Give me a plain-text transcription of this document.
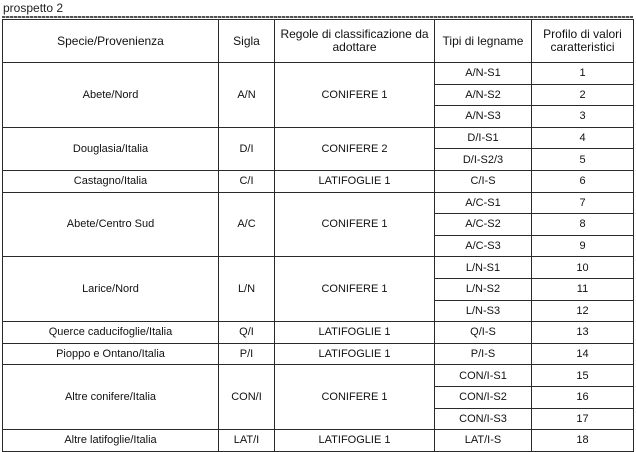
prospetto 2
Specie/Provenienza	Sigla	Regole di classificazione da adottare	Tipi di legname	Profilo di valori caratteristici
Abete/Nord	A/N	CONIFERE 1	A/N-S1	1
			A/N-S2	2
			A/N-S3	3
Douglasia/Italia	D/I	CONIFERE 2	D/I-S1	4
			D/I-S2/3	5
Castagno/Italia	C/I	LATIFOGLIE 1	C/I-S	6
Abete/Centro Sud	A/C	CONIFERE 1	A/C-S1	7
			A/C-S2	8
			A/C-S3	9
Larice/Nord	L/N	CONIFERE 1	L/N-S1	10
			L/N-S2	11
			L/N-S3	12
Querce caducifoglie/Italia	Q/I	LATIFOGLIE 1	Q/I-S	13
Pioppo e Ontano/Italia	P/I	LATIFOGLIE 1	P/I-S	14
Altre conifere/Italia	CON/I	CONIFERE 1	CON/I-S1	15
			CON/I-S2	16
			CON/I-S3	17
Altre latifoglie/Italia	LAT/I	LATIFOGLIE 1	LAT/I-S	18
